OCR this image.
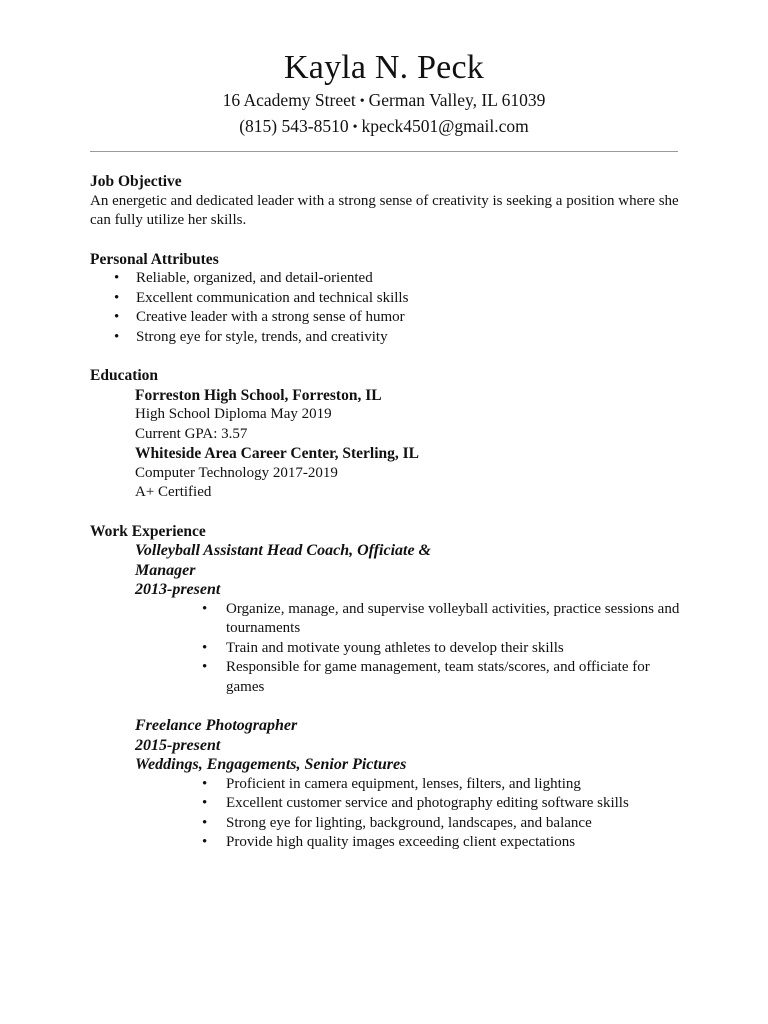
Kayla N. Peck
16 Academy Street • German Valley, IL 61039
(815) 543-8510 • kpeck4501@gmail.com
Job Objective
An energetic and dedicated leader with a strong sense of creativity is seeking a position where she can fully utilize her skills.
Personal Attributes
• Reliable, organized, and detail-oriented
• Excellent communication and technical skills
• Creative leader with a strong sense of humor
• Strong eye for style, trends, and creativity
Education
Forreston High School, Forreston, IL
High School Diploma May 2019
Current GPA: 3.57
Whiteside Area Career Center, Sterling, IL
Computer Technology 2017-2019
A+ Certified
Work Experience
Volleyball Assistant Head Coach, Officiate & Manager
2013-present
• Organize, manage, and supervise volleyball activities, practice sessions and tournaments
• Train and motivate young athletes to develop their skills
• Responsible for game management, team stats/scores, and officiate for games
Freelance Photographer
2015-present
Weddings, Engagements, Senior Pictures
• Proficient in camera equipment, lenses, filters, and lighting
• Excellent customer service and photography editing software skills
• Strong eye for lighting, background, landscapes, and balance
• Provide high quality images exceeding client expectations
